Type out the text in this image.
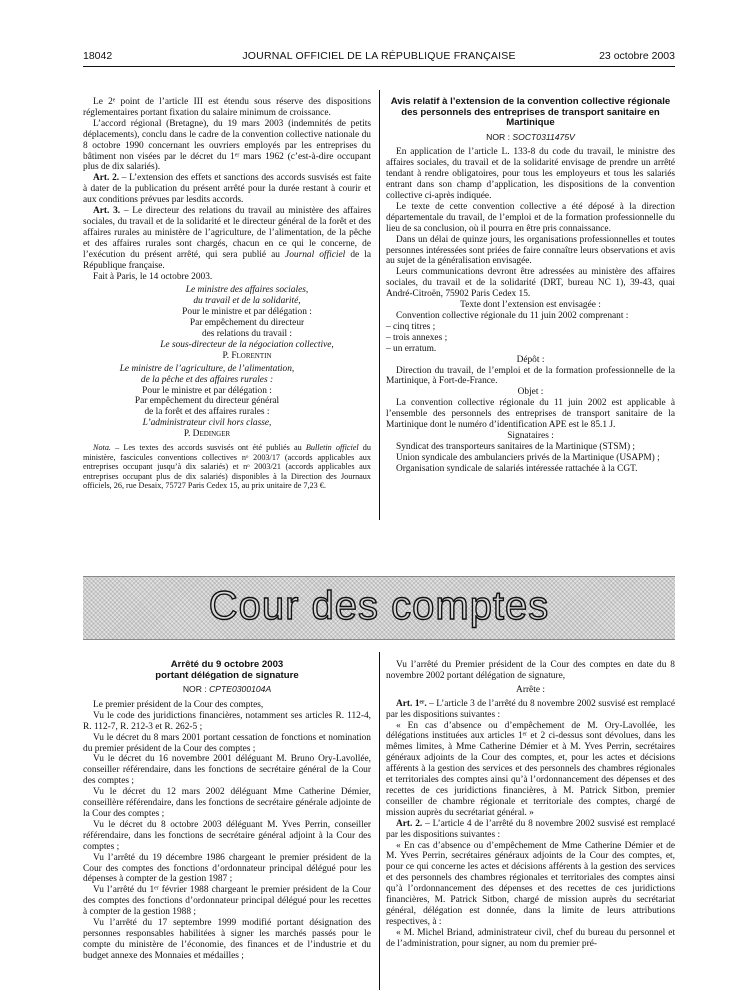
18042	JOURNAL OFFICIEL DE LA RÉPUBLIQUE FRANÇAISE	23 octobre 2003

Le 2ᵉ point de l’article III est étendu sous réserve des dispositions réglementaires portant fixation du salaire minimum de croissance.

L’accord régional (Bretagne), du 19 mars 2003 (indemnités de petits déplacements), conclu dans le cadre de la convention collective nationale du 8 octobre 1990 concernant les ouvriers employés par les entreprises du bâtiment non visées par le décret du 1ᵉʳ mars 1962 (c’est-à-dire occupant plus de dix salariés).

Art. 2. – L’extension des effets et sanctions des accords susvisés est faite à dater de la publication du présent arrêté pour la durée restant à courir et aux conditions prévues par lesdits accords.

Art. 3. – Le directeur des relations du travail au ministère des affaires sociales, du travail et de la solidarité et le directeur général de la forêt et des affaires rurales au ministère de l’agriculture, de l’alimentation, de la pêche et des affaires rurales sont chargés, chacun en ce qui le concerne, de l’exécution du présent arrêté, qui sera publié au Journal officiel de la République française.

Fait à Paris, le 14 octobre 2003.

Le ministre des affaires sociales,
du travail et de la solidarité,
Pour le ministre et par délégation :
Par empêchement du directeur
des relations du travail :
Le sous-directeur de la négociation collective,
P. Florentin
Le ministre de l’agriculture, de l’alimentation,
de la pêche et des affaires rurales :
Pour le ministre et par délégation :
Par empêchement du directeur général
de la forêt et des affaires rurales :
L’administrateur civil hors classe,
P. Dedinger

Nota. – Les textes des accords susvisés ont été publiés au Bulletin officiel du ministère, fascicules conventions collectives nᵒ 2003/17 (accords applicables aux entreprises occupant jusqu’à dix salariés) et nᵒ 2003/21 (accords applicables aux entreprises occupant plus de dix salariés) disponibles à la Direction des Journaux officiels, 26, rue Desaix, 75727 Paris Cedex 15, au prix unitaire de 7,23 €.

Avis relatif à l’extension de la convention collective régionale des personnels des entreprises de transport sanitaire en Martinique
NOR : SOCT0311475V

En application de l’article L. 133-8 du code du travail, le ministre des affaires sociales, du travail et de la solidarité envisage de prendre un arrêté tendant à rendre obligatoires, pour tous les employeurs et tous les salariés entrant dans son champ d’application, les dispositions de la convention collective ci-après indiquée.

Le texte de cette convention collective a été déposé à la direction départementale du travail, de l’emploi et de la formation professionnelle du lieu de sa conclusion, où il pourra en être pris connaissance.

Dans un délai de quinze jours, les organisations professionnelles et toutes personnes intéressées sont priées de faire connaître leurs observations et avis au sujet de la généralisation envisagée.

Leurs communications devront être adressées au ministère des affaires sociales, du travail et de la solidarité (DRT, bureau NC 1), 39-43, quai André-Citroën, 75902 Paris Cedex 15.

Texte dont l’extension est envisagée :

Convention collective régionale du 11 juin 2002 comprenant :

– cinq titres ;
– trois annexes ;
– un erratum.

Dépôt :

Direction du travail, de l’emploi et de la formation professionnelle de la Martinique, à Fort-de-France.

Objet :

La convention collective régionale du 11 juin 2002 est applicable à l’ensemble des personnels des entreprises de transport sanitaire de la Martinique dont le numéro d’identification APE est le 85.1 J.

Signataires :

Syndicat des transporteurs sanitaires de la Martinique (STSM) ;

Union syndicale des ambulanciers privés de la Martinique (USAPM) ;

Organisation syndicale de salariés intéressée rattachée à la CGT.

Cour des comptes
Arrêté du 9 octobre 2003
portant délégation de signature
NOR : CPTE0300104A

Le premier président de la Cour des comptes,

Vu le code des juridictions financières, notamment ses articles R. 112-4, R. 112-7, R. 212-3 et R. 262-5 ;

Vu le décret du 8 mars 2001 portant cessation de fonctions et nomination du premier président de la Cour des comptes ;

Vu le décret du 16 novembre 2001 déléguant M. Bruno Ory-Lavollée, conseiller référendaire, dans les fonctions de secrétaire général de la Cour des comptes ;

Vu le décret du 12 mars 2002 déléguant Mme Catherine Démier, conseillère référendaire, dans les fonctions de secrétaire générale adjointe de la Cour des comptes ;

Vu le décret du 8 octobre 2003 déléguant M. Yves Perrin, conseiller référendaire, dans les fonctions de secrétaire général adjoint à la Cour des comptes ;

Vu l’arrêté du 19 décembre 1986 chargeant le premier président de la Cour des comptes des fonctions d’ordonnateur principal délégué pour les dépenses à compter de la gestion 1987 ;

Vu l’arrêté du 1ᵉʳ février 1988 chargeant le premier président de la Cour des comptes des fonctions d’ordonnateur principal délégué pour les recettes à compter de la gestion 1988 ;

Vu l’arrêté du 17 septembre 1999 modifié portant désignation des personnes responsables habilitées à signer les marchés passés pour le compte du ministère de l’économie, des finances et de l’industrie et du budget annexe des Monnaies et médailles ;

Vu l’arrêté du Premier président de la Cour des comptes en date du 8 novembre 2002 portant délégation de signature,

Arrête :

Art. 1ᵉʳ. – L’article 3 de l’arrêté du 8 novembre 2002 susvisé est remplacé par les dispositions suivantes :

« En cas d’absence ou d’empêchement de M. Ory-Lavollée, les délégations instituées aux articles 1ᵉʳ et 2 ci-dessus sont dévolues, dans les mêmes limites, à Mme Catherine Démier et à M. Yves Perrin, secrétaires généraux adjoints de la Cour des comptes, et, pour les actes et décisions afférents à la gestion des services et des personnels des chambres régionales et territoriales des comptes ainsi qu’à l’ordonnancement des dépenses et des recettes de ces juridictions financières, à M. Patrick Sitbon, premier conseiller de chambre régionale et territoriale des comptes, chargé de mission auprès du secrétariat général. »

Art. 2. – L’article 4 de l’arrêté du 8 novembre 2002 susvisé est remplacé par les dispositions suivantes :

« En cas d’absence ou d’empêchement de Mme Catherine Démier et de M. Yves Perrin, secrétaires généraux adjoints de la Cour des comptes, et, pour ce qui concerne les actes et décisions afférents à la gestion des services et des personnels des chambres régionales et territoriales des comptes ainsi qu’à l’ordonnancement des dépenses et des recettes de ces juridictions financières, M. Patrick Sitbon, chargé de mission auprès du secrétariat général, délégation est donnée, dans la limite de leurs attributions respectives, à :

« M. Michel Briand, administrateur civil, chef du bureau du personnel et de l’administration, pour signer, au nom du premier pré-
